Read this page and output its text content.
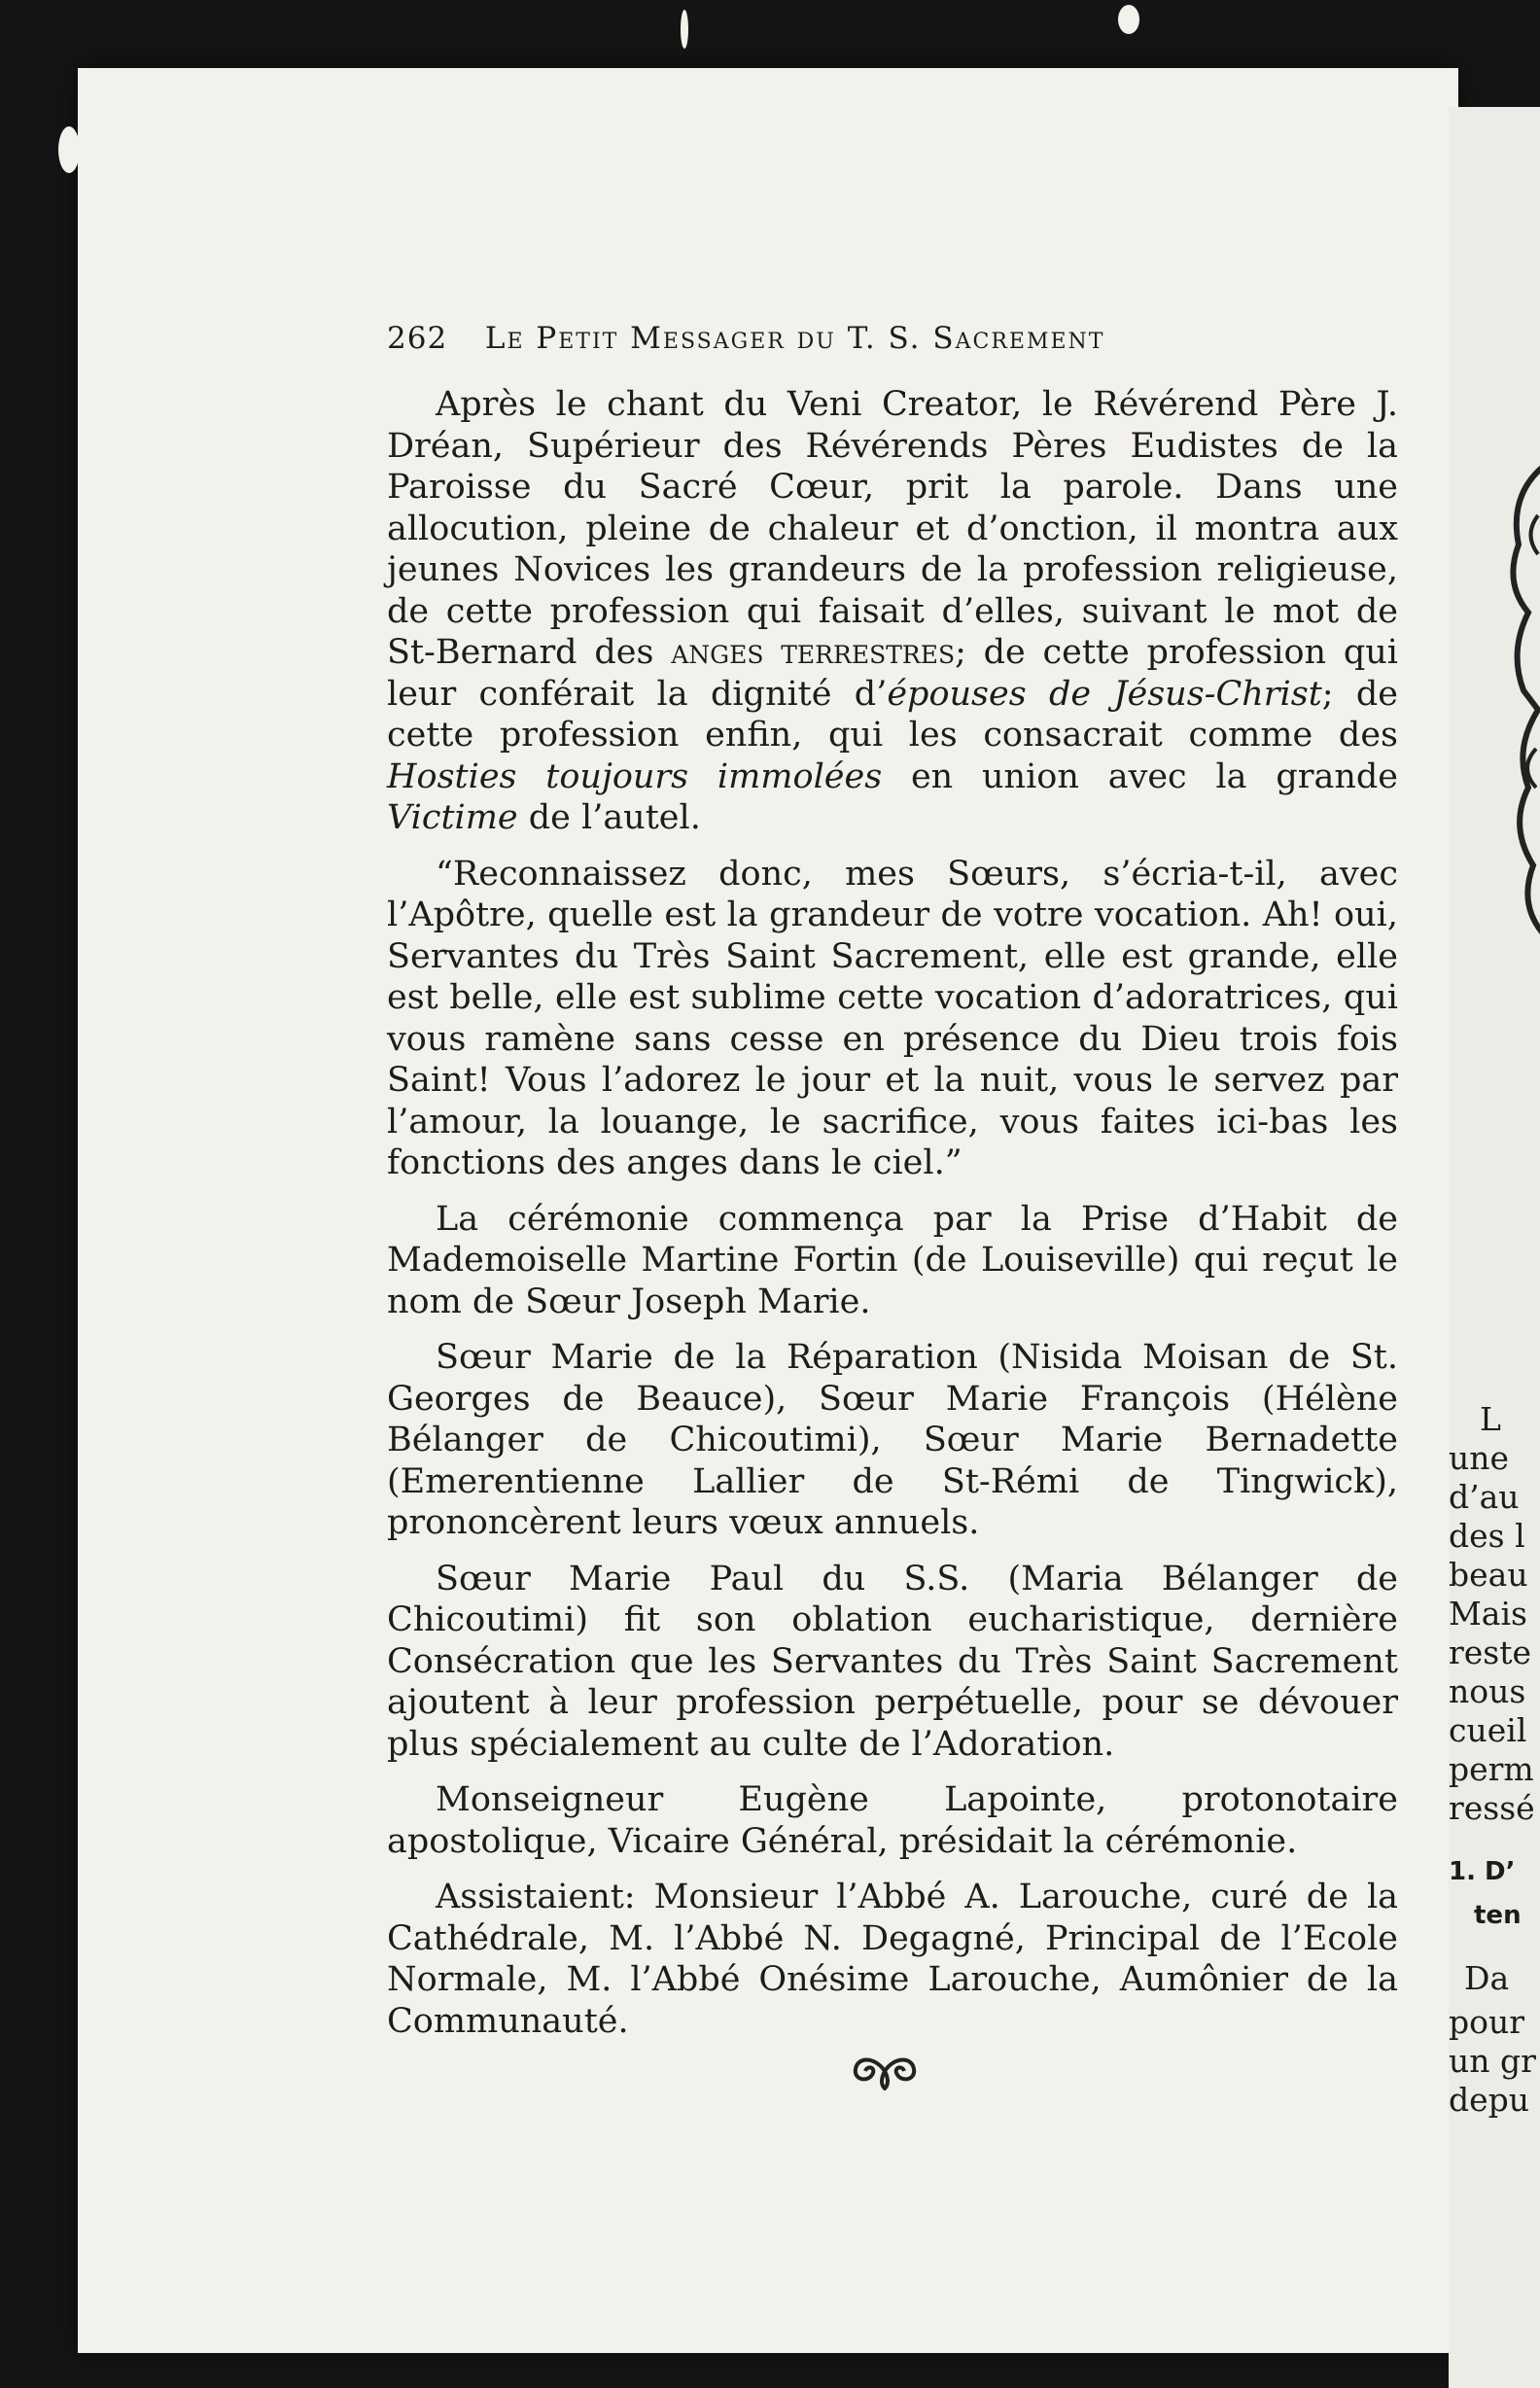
L
une
d’au
des l
beau
Mais
reste
nous
cueil
perm
ressé
1. D’
ten
Da
pour
un gr
depu
262 Le Petit Messager du T. S. Sacrement

Après le chant du Veni Creator, le Révérend Père J. Dréan, Supérieur des Révérends Pères Eudistes de la Paroisse du Sacré Cœur, prit la parole. Dans une allocution, pleine de chaleur et d’onction, il montra aux jeunes Novices les grandeurs de la profession religieuse, de cette profession qui faisait d’elles, suivant le mot de St-Bernard des anges terrestres; de cette profession qui leur conférait la dignité d’épouses de Jésus-Christ; de cette profession enfin, qui les consacrait comme des Hosties toujours immolées en union avec la grande Victime de l’autel.

“Reconnaissez donc, mes Sœurs, s’écria-t-il, avec l’Apôtre, quelle est la grandeur de votre vocation. Ah! oui, Servantes du Très Saint Sacrement, elle est grande, elle est belle, elle est sublime cette vocation d’adoratrices, qui vous ramène sans cesse en présence du Dieu trois fois Saint! Vous l’adorez le jour et la nuit, vous le servez par l’amour, la louange, le sacrifice, vous faites ici-bas les fonctions des anges dans le ciel.”

La cérémonie commença par la Prise d’Habit de Mademoiselle Martine Fortin (de Louiseville) qui reçut le nom de Sœur Joseph Marie.

Sœur Marie de la Réparation (Nisida Moisan de St. Georges de Beauce), Sœur Marie François (Hélène Bélanger de Chicoutimi), Sœur Marie Bernadette (Emerentienne Lallier de St-Rémi de Tingwick), prononcèrent leurs vœux annuels.

Sœur Marie Paul du S.S. (Maria Bélanger de Chicoutimi) fit son oblation eucharistique, dernière Consécration que les Servantes du Très Saint Sacrement ajoutent à leur profession perpétuelle, pour se dévouer plus spécialement au culte de l’Adoration.

Monseigneur Eugène Lapointe, protonotaire apostolique, Vicaire Général, présidait la cérémonie.

Assistaient: Monsieur l’Abbé A. Larouche, curé de la Cathédrale, M. l’Abbé N. Degagné, Principal de l’Ecole Normale, M. l’Abbé Onésime Larouche, Aumônier de la Communauté.
